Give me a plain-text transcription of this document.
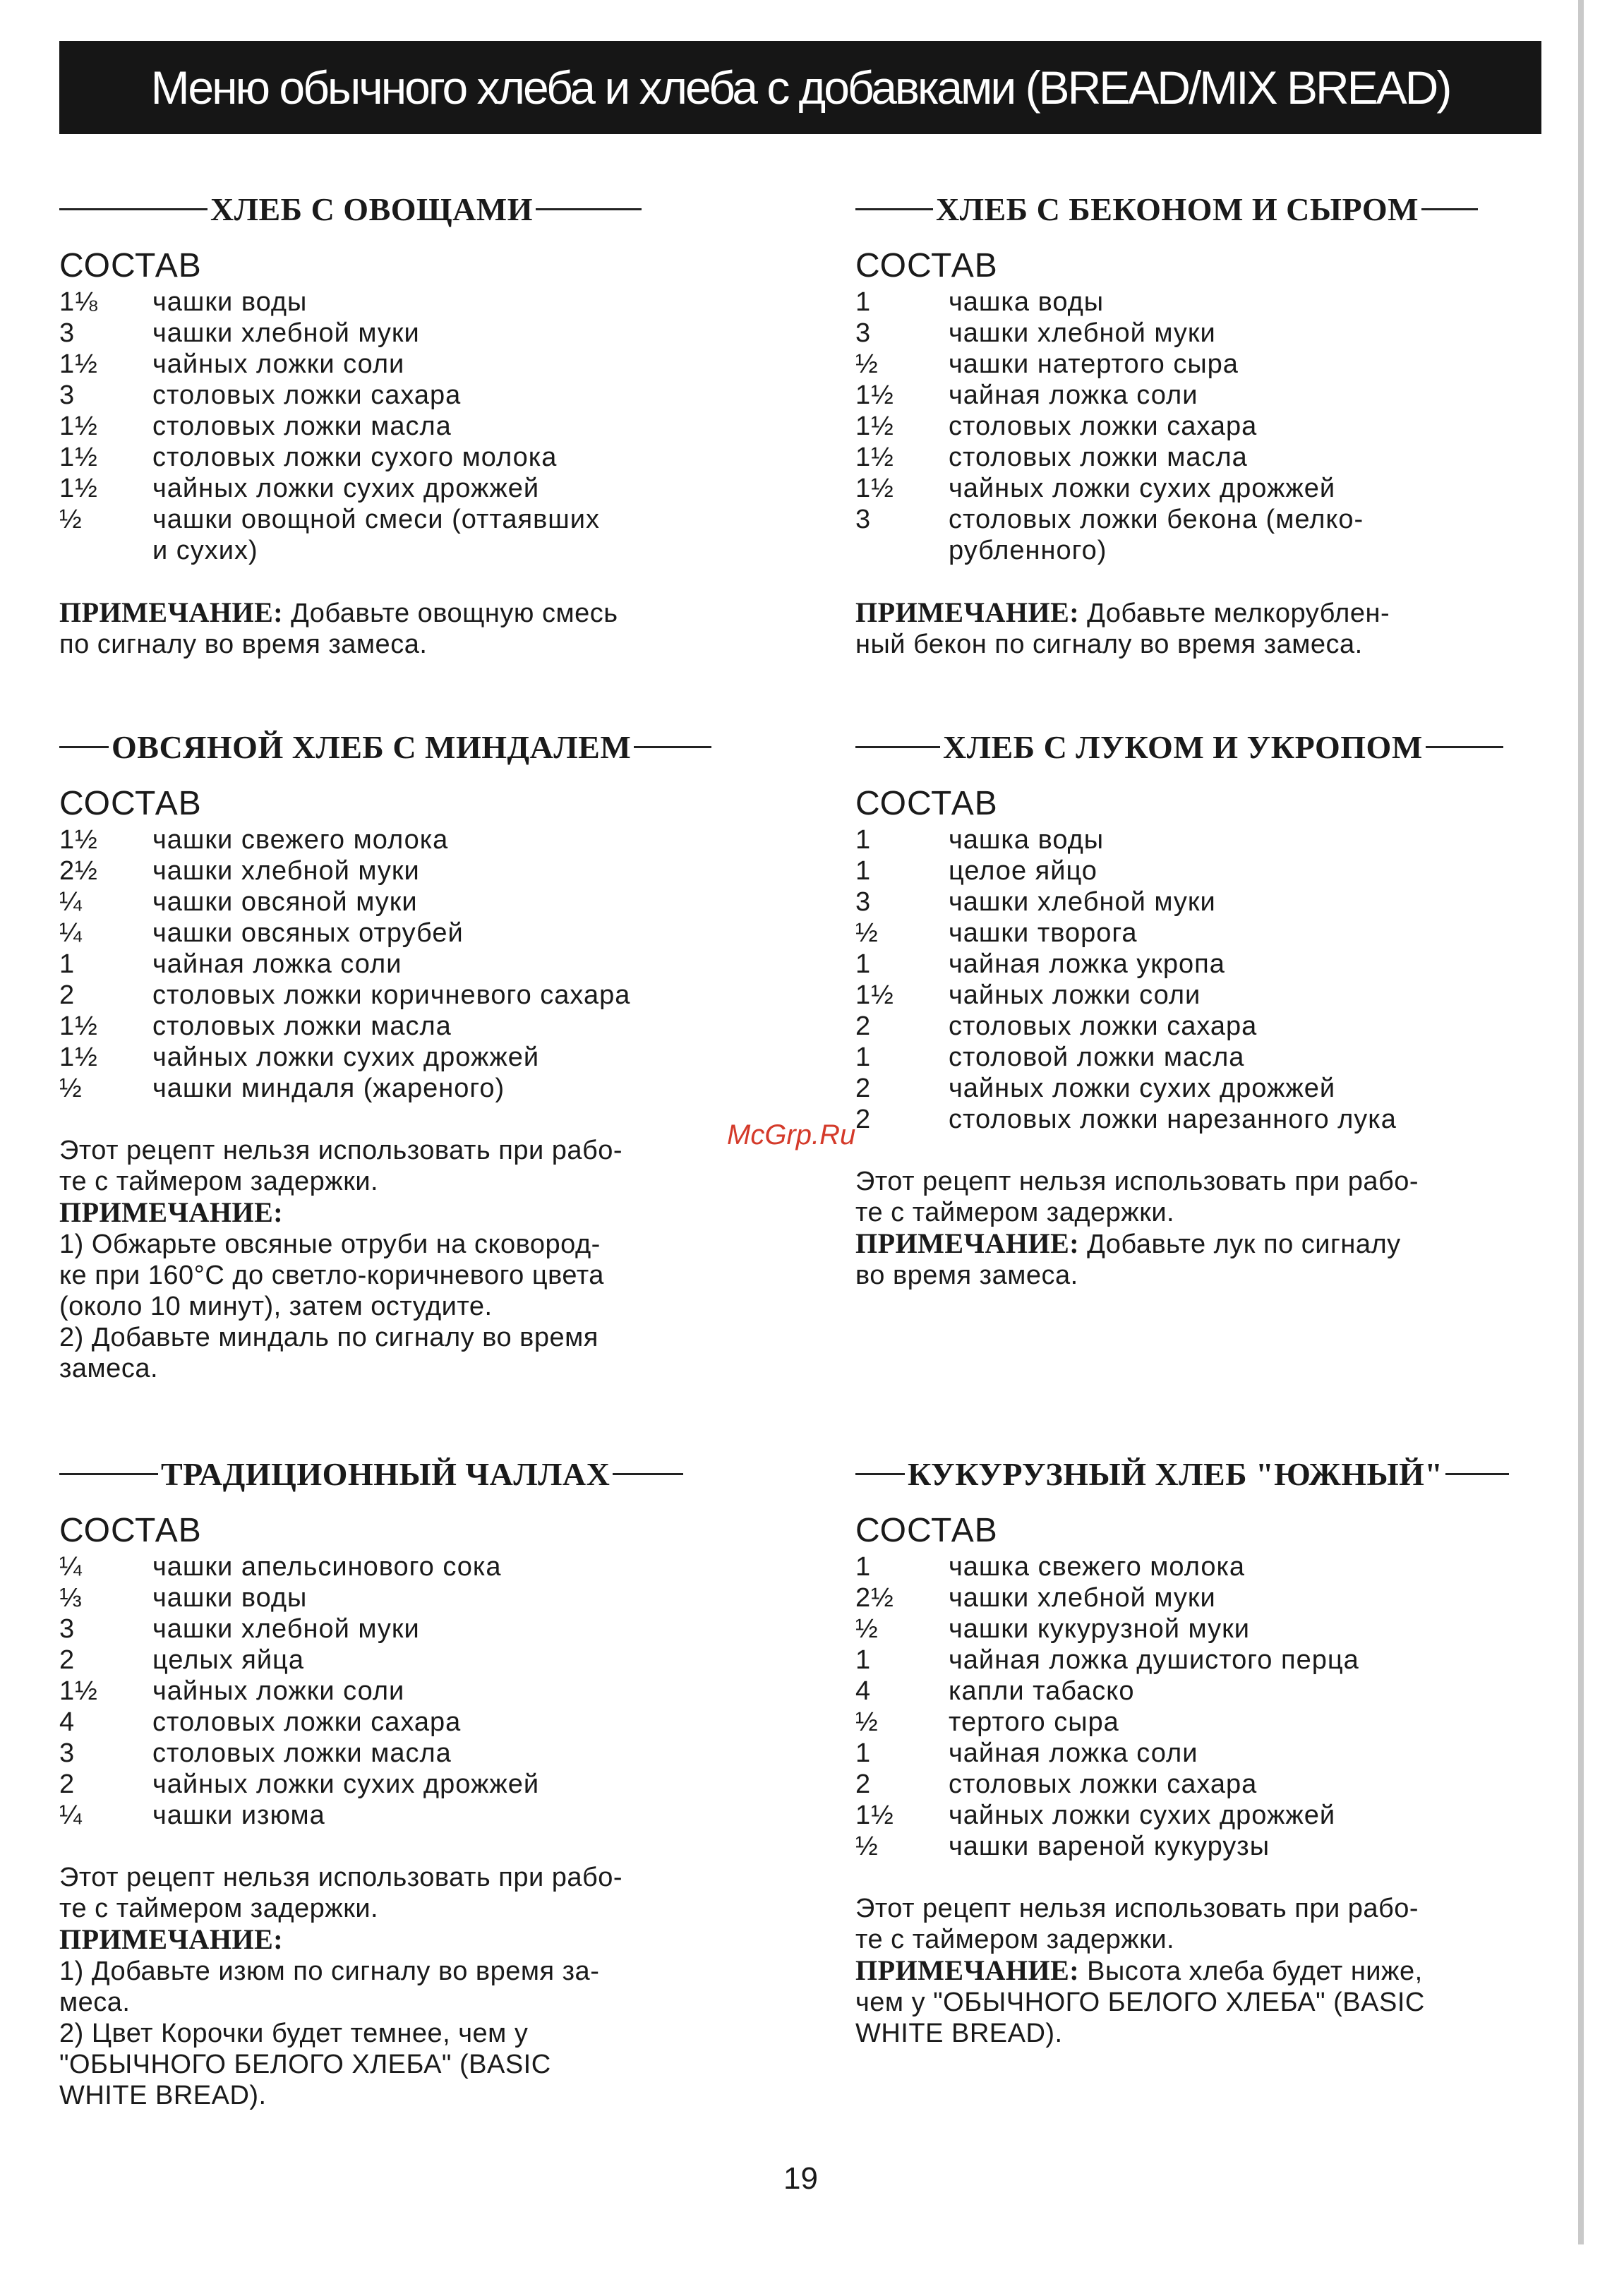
Меню обычного хлеба и хлеба с добавками (BREAD/MIX BREAD)
ХЛЕБ С ОВОЩАМИ
СОСТАВ
1⅛	чашки воды
3	чашки хлебной муки
1½	чайных ложки соли
3	столовых ложки сахара
1½	столовых ложки масла
1½	столовых ложки сухого молока
1½	чайных ложки сухих дрожжей
½	чашки овощной смеси (оттаявших
и сухих)
ПРИМЕЧАНИЕ: Добавьте овощную смесь
по сигналу во время замеса.
ХЛЕБ С БЕКОНОМ И СЫРОМ
СОСТАВ
1	чашка воды
3	чашки хлебной муки
½	чашки натертого сыра
1½	чайная ложка соли
1½	столовых ложки сахара
1½	столовых ложки масла
1½	чайных ложки сухих дрожжей
3	столовых ложки бекона (мелко-
рубленного)
ПРИМЕЧАНИЕ: Добавьте мелкорублен-
ный бекон по сигналу во время замеса.
ОВСЯНОЙ ХЛЕБ С МИНДАЛЕМ
СОСТАВ
1½	чашки свежего молока
2½	чашки хлебной муки
¼	чашки овсяной муки
¼	чашки овсяных отрубей
1	чайная ложка соли
2	столовых ложки коричневого сахара
1½	столовых ложки масла
1½	чайных ложки сухих дрожжей
½	чашки миндаля (жареного)
Этот рецепт нельзя использовать при рабо-
те с таймером задержки.
ПРИМЕЧАНИЕ:
1) Обжарьте овсяные отруби на сковород-
ке при 160°С до светло-коричневого цвета
(около 10 минут), затем остудите.
2) Добавьте миндаль по сигналу во время
замеса.
ХЛЕБ С ЛУКОМ И УКРОПОМ
СОСТАВ
1	чашка воды
1	целое яйцо
3	чашки хлебной муки
½	чашки творога
1	чайная ложка укропа
1½	чайных ложки соли
2	столовых ложки сахара
1	столовой ложки масла
2	чайных ложки сухих дрожжей
2	столовых ложки нарезанного лука
Этот рецепт нельзя использовать при рабо-
те с таймером задержки.
ПРИМЕЧАНИЕ: Добавьте лук по сигналу
во время замеса.
ТРАДИЦИОННЫЙ ЧАЛЛАХ
СОСТАВ
¼	чашки апельсинового сока
⅓	чашки воды
3	чашки хлебной муки
2	целых яйца
1½	чайных ложки соли
4	столовых ложки сахара
3	столовых ложки масла
2	чайных ложки сухих дрожжей
¼	чашки изюма
Этот рецепт нельзя использовать при рабо-
те с таймером задержки.
ПРИМЕЧАНИЕ:
1) Добавьте изюм по сигналу во время за-
меса.
2) Цвет Корочки будет темнее, чем у
"ОБЫЧНОГО БЕЛОГО ХЛЕБА" (BASIC
WHITE BREAD).
КУКУРУЗНЫЙ ХЛЕБ "ЮЖНЫЙ"
СОСТАВ
1	чашка свежего молока
2½	чашки хлебной муки
½	чашки кукурузной муки
1	чайная ложка душистого перца
4	капли табаско
½	тертого сыра
1	чайная ложка соли
2	столовых ложки сахара
1½	чайных ложки сухих дрожжей
½	чашки вареной кукурузы
Этот рецепт нельзя использовать при рабо-
те с таймером задержки.
ПРИМЕЧАНИЕ: Высота хлеба будет ниже,
чем у "ОБЫЧНОГО БЕЛОГО ХЛЕБА" (BASIC
WHITE BREAD).
McGrp.Ru
19
